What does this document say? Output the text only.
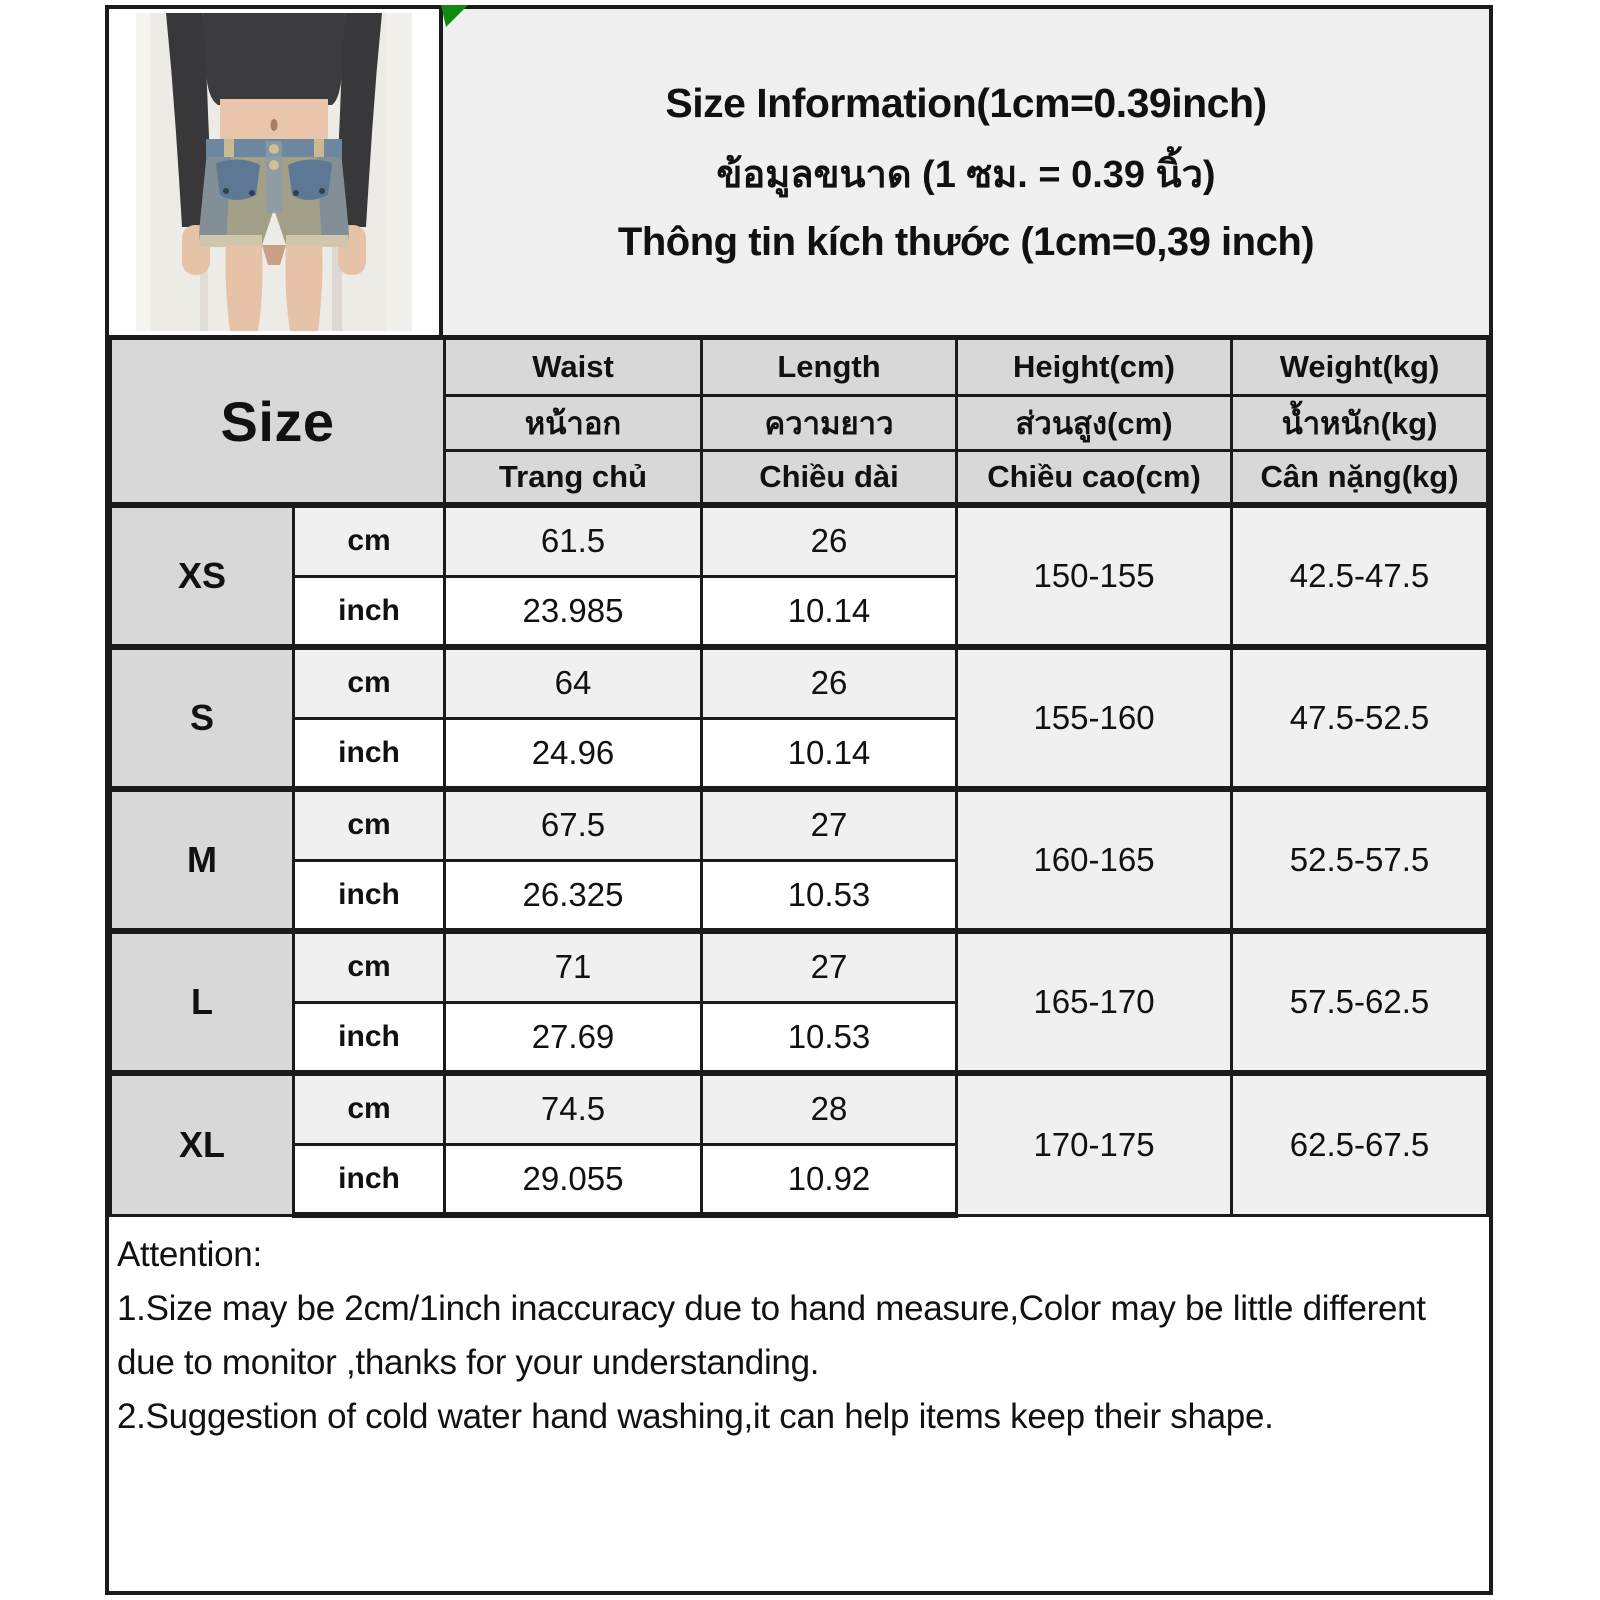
Size Information(1cm=0.39inch)
ข้อมูลขนาด (1 ซม. = 0.39 นิ้ว)
Thông tin kích thước (1cm=0,39 inch)
Size		Waist	Length	Height(cm)	Weight(kg)
		หน้าอก	ความยาว	ส่วนสูง(cm)	น้ำหนัก(kg)
		Trang chủ	Chiều dài	Chiều cao(cm)	Cân nặng(kg)
XS	cm	61.5	26	150-155	42.5-47.5
	inch	23.985	10.14		
S	cm	64	26	155-160	47.5-52.5
	inch	24.96	10.14		
M	cm	67.5	27	160-165	52.5-57.5
	inch	26.325	10.53		
L	cm	71	27	165-170	57.5-62.5
	inch	27.69	10.53		
XL	cm	74.5	28	170-175	62.5-67.5
	inch	29.055	10.92		
Attention:
1.Size may be 2cm/1inch inaccuracy due to hand measure,Color may be little different due to monitor ,thanks for your understanding.
2.Suggestion of cold water hand washing,it can help items keep their shape.
